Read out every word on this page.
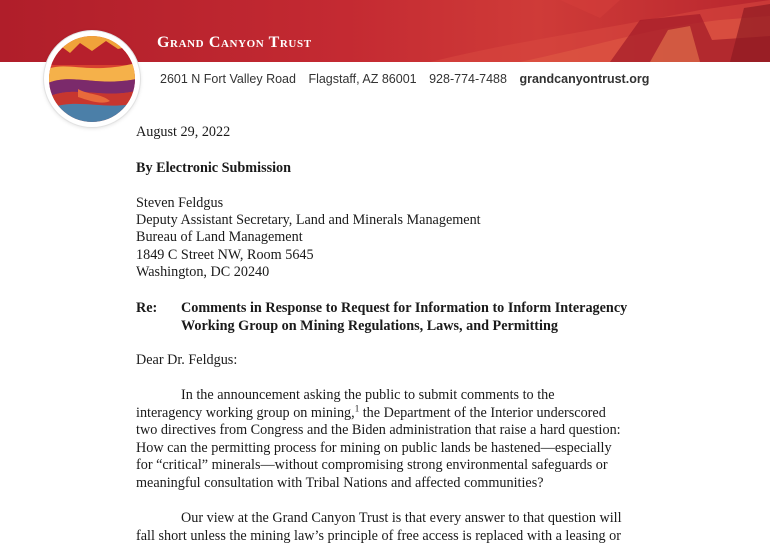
Grand Canyon Trust
2601 N Fort Valley Road Flagstaff, AZ 86001 928-774-7488 grandcanyontrust.org
August 29, 2022
By Electronic Submission
Steven Feldgus
Deputy Assistant Secretary, Land and Minerals Management
Bureau of Land Management
1849 C Street NW, Room 5645
Washington, DC 20240
Re: Comments in Response to Request for Information to Inform Interagency
Working Group on Mining Regulations, Laws, and Permitting
Dear Dr. Feldgus:
In the announcement asking the public to submit comments to the
interagency working group on mining,$^1$ the Department of the Interior underscored
two directives from Congress and the Biden administration that raise a hard question:
How can the permitting process for mining on public lands be hastened—especially
for “critical” minerals—without compromising strong environmental safeguards or
meaningful consultation with Tribal Nations and affected communities?
Our view at the Grand Canyon Trust is that every answer to that question will
fall short unless the mining law’s principle of free access is replaced with a leasing or
